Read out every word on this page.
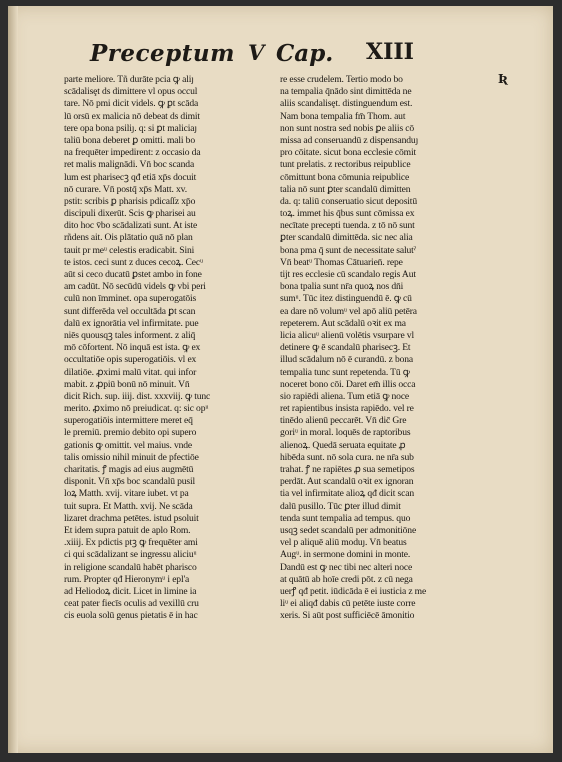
Preceptum V Cap. XIII
Ʀ
parte meliore. Tñ durāte pcia ꝙ aliȷ
scādalisȩt ds dimittere vl opus occul
tare. Nō pmi dicit videls. ꝙ ꝑt scāda
lū orsū ex malicia nō debeat ds dimit
tere opa bona psiliȷ. q: si ꝑt maliciaȷ
taliū bona deberet ꝑ omitti. mali bo
na frequēter impedirent: z occasio da
ret malis malignādi. Vn̄ boc scanda
lum est pharisecꝫ qđ etiā xp̄s docuit
nō curare. Vn̄ postq̄ xp̄s Matt. xv.
pstit: scribis ꝑ pharisis pdicaſſz xp̄o
discipuli dixerūt. Scis ꝙ pharisei au
dito hoc v̄bo scādalizati sunt. At iste
rñdens ait. Ois plātatio quā nō plan
tauit pr meᵘ celestis eradicabit. Sini
te istos. ceci sunt z duces cecoꝝ. Cecᵘ
aūt si ceco ducatū ꝑstet ambo in fone
am cadūt. Nō secūdū videls ꝙ vbi peri
culū non īmminet. opa superogatōis
sunt differēda vel occultāda ꝑt scan
dalū ex ignorātia vel infirmitate. pue
niēs quousqꝫ tales informent. z aliq̄
mō cōfortent. Nō inquā est ista. ꝙ ex
occultatiōe opis superogatiōis. vl ex
dilatiōe. ꝓximi malū vitat. qui infor
mabit. z ꝓpiū bonū nō minuit. Vn̄
dicit Rich. sup. iiij. dist. xxxviij. ꝙ tunc
merito. ꝓximo nō preiudicat. q: sic opᵘ
superogatiōis intermittere meret eq̄
le premiū. premio debito opi supero
gationis ꝙ omittit. vel maius. vnde
talis omissio nihil minuit de pfectiōe
charitatis. ꝭ magis ad eius augmētū
disponit. Vn̄ xp̄s boc scandalū pusil
loꝝ Matth. xvij. vitare iubet. vt pa
tuit supra. Et Matth. xvij. Ne scāda
lizaret drachma petētes. istud psoluit
Et idem supra patuit de aplo Rom.
.xiiij. Ex pdictis ptꝫ ꝙ frequēter ami
ci qui scādalizant se ingressu aliciuᵘ
in religione scandalū habēt pharisco
rum. Propter qđ Hieronymᵘ i epl'a
ad Heliodoꝝ dicit. Licet in limine ia
ceat pater fiecīs oculis ad vexillū cru
cis euola solū genus pietatis ē in hac
re esse crudelem. Tertio modo bo
na tempalia q̄nādo sint dimittēda ne
aliis scandalisȩt. distinguendum est.
Nam bona tempalia fm̄ Thom. aut
non sunt nostra sed nobis ꝑe aliis cō
missa ad conseruandū z dispensanduȷ
pro cōitate. sicut bona ecclesie cōmit
tunt prelatis. z rectoribus reipublice
cōmittunt bona cōmunia reipublice
talia nō sunt ꝑter scandalū dimitten
da. q: taliū conseruatio sicut depositū
toꝝ. immet his q̄bus sunt cōmissa ex
necītate precepti tuenda. z tō nō sunt
ꝑter scandalū dimittēda. sic nec alia
bona pma q̄ sunt de necessitate salutˀ
Vn̄ beatᵘ Thomas Cātuarien̄. repe
tijt res ecclesie cū scandalo regis Aut
bona tpalia sunt nr̄a quoꝝ nos dn̄i
sumᵘ. Tūc itez distinguendū ē. ꝙ cū
ea dare nō volumᵘ vel apō aliū petēra
repeterem. Aut scādalū oꝛit ex ma
licia alicuᵘ alienū volētis vsurpare vl
detinere ꝙ ē scandalū pharisecꝫ. Et
illud scādalum nō ē curandū. z bona
tempalia tunc sunt repetenda. Tū ꝙ
noceret bono cōi. Daret em̄ illis occa
sio rapiēdi aliena. Tum etiā ꝙ noce
ret rapientibus insista rapiēdo. vel re
tinēdo alienū peccarēt. Vn̄ dic̄ Gre
goriᵘ in moral. loquēs de raptoribus
alienoꝝ. Quedā seruata equitate ꝓ
hibēda sunt. nō sola cura. ne nr̄a sub
trahat. ꝭ ne rapiētes ꝓ sua semetipos
perdāt. Aut scandalū oꝛit ex ignoran
tia vel infirmitate alioꝝ qđ dicit scan
dalū pusillo. Tūc ꝑter illud dimit
tenda sunt tempalia ad tempus. quo
usqꝫ sedet scandalū per admonitiōne
vel p aliquē aliū moduȷ. Vn̄ beatus
Augᵘ. in sermone domini in monte.
Dandū est ꝙ nec tibi nec alteri noce
at quātū ab hoīe credi pōt. z cū nega
uerꝭ qđ petit. iūdicāda ē ei iusticia z me
liᵘ ei aliqđ dabis cū petēte iuste corre
xeris. Si aūt post sufficiēcē āmonitio
